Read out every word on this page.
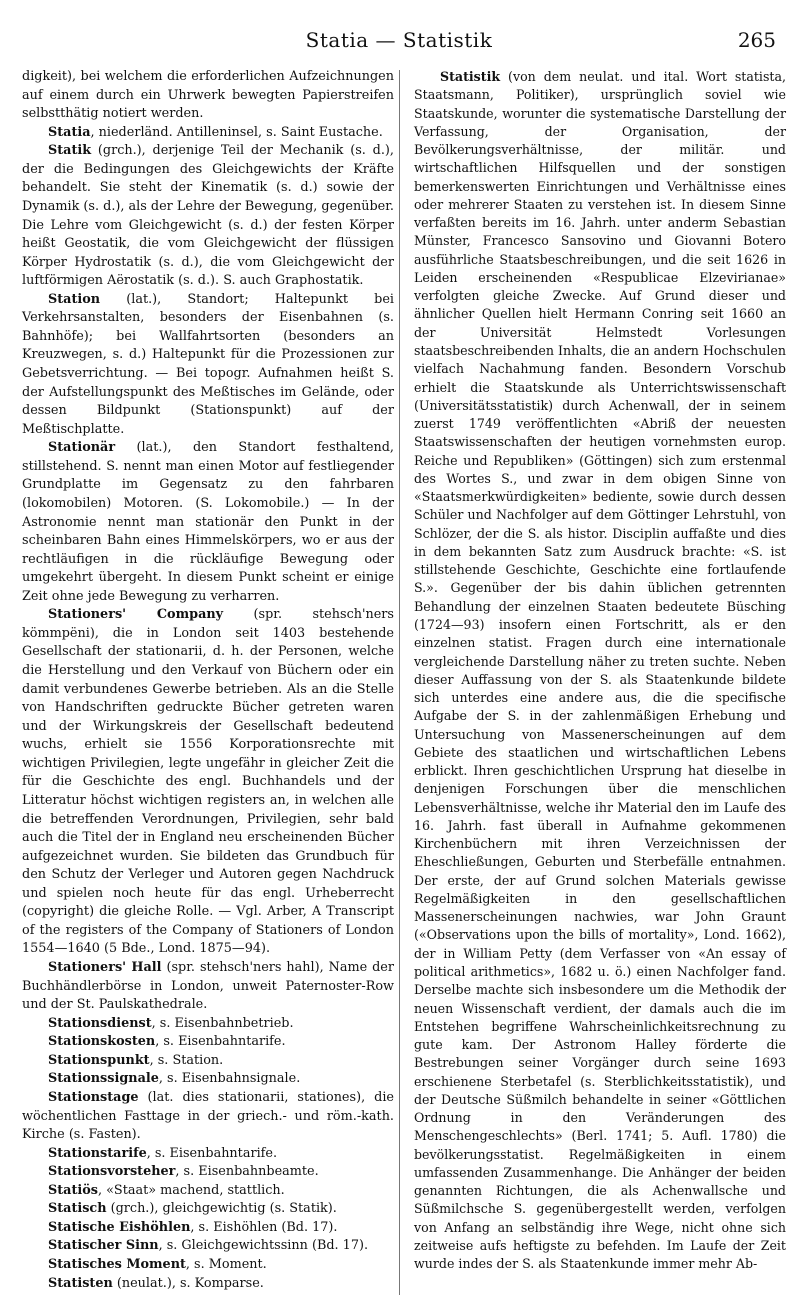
Statia — Statistik	265

digkeit), bei welchem die erforderlichen Aufzeichnungen auf einem durch ein Uhrwerk bewegten Papierstreifen selbstthätig notiert werden.

Statia, niederländ. Antilleninsel, s. Saint Eustache.

Statik (grch.), derjenige Teil der Mechanik (s. d.), der die Bedingungen des Gleichgewichts der Kräfte behandelt. Sie steht der Kinematik (s. d.) sowie der Dynamik (s. d.), als der Lehre der Bewegung, gegenüber. Die Lehre vom Gleichgewicht (s. d.) der festen Körper heißt Geostatik, die vom Gleichgewicht der flüssigen Körper Hydrostatik (s. d.), die vom Gleichgewicht der luftförmigen Aërostatik (s. d.). S. auch Graphostatik.

Station (lat.), Standort; Haltepunkt bei Verkehrsanstalten, besonders der Eisenbahnen (s. Bahnhöfe); bei Wallfahrtsorten (besonders an Kreuzwegen, s. d.) Haltepunkt für die Prozessionen zur Gebetsverrichtung. — Bei topogr. Aufnahmen heißt S. der Aufstellungspunkt des Meßtisches im Gelände, oder dessen Bildpunkt (Stationspunkt) auf der Meßtischplatte.

Stationär (lat.), den Standort festhaltend, stillstehend. S. nennt man einen Motor auf festliegender Grundplatte im Gegensatz zu den fahrbaren (lokomobilen) Motoren. (S. Lokomobile.) — In der Astronomie nennt man stationär den Punkt in der scheinbaren Bahn eines Himmelskörpers, wo er aus der rechtläufigen in die rückläufige Bewegung oder umgekehrt übergeht. In diesem Punkt scheint er einige Zeit ohne jede Bewegung zu verharren.

Stationers' Company (spr. stehsch'ners kömmpëni), die in London seit 1403 bestehende Gesellschaft der stationarii, d. h. der Personen, welche die Herstellung und den Verkauf von Büchern oder ein damit verbundenes Gewerbe betrieben. Als an die Stelle von Handschriften gedruckte Bücher getreten waren und der Wirkungskreis der Gesellschaft bedeutend wuchs, erhielt sie 1556 Korporationsrechte mit wichtigen Privilegien, legte ungefähr in gleicher Zeit die für die Geschichte des engl. Buchhandels und der Litteratur höchst wichtigen registers an, in welchen alle die betreffenden Verordnungen, Privilegien, sehr bald auch die Titel der in England neu erscheinenden Bücher aufgezeichnet wurden. Sie bildeten das Grundbuch für den Schutz der Verleger und Autoren gegen Nachdruck und spielen noch heute für das engl. Urheberrecht (copyright) die gleiche Rolle. — Vgl. Arber, A Transcript of the registers of the Company of Stationers of London 1554—1640 (5 Bde., Lond. 1875—94).

Stationers' Hall (spr. stehsch'ners hahl), Name der Buchhändlerbörse in London, unweit Paternoster-Row und der St. Paulskathedrale.

Stationsdienst, s. Eisenbahnbetrieb.

Stationskosten, s. Eisenbahntarife.

Stationspunkt, s. Station.

Stationssignale, s. Eisenbahnsignale.

Stationstage (lat. dies stationarii, stationes), die wöchentlichen Fasttage in der griech.- und röm.-kath. Kirche (s. Fasten).

Stationstarife, s. Eisenbahntarife.

Stationsvorsteher, s. Eisenbahnbeamte.

Statiös, «Staat» machend, stattlich.

Statisch (grch.), gleichgewichtig (s. Statik).

Statische Eishöhlen, s. Eishöhlen (Bd. 17).

Statischer Sinn, s. Gleichgewichtssinn (Bd. 17).

Statisches Moment, s. Moment.

Statisten (neulat.), s. Komparse.

Statistik (von dem neulat. und ital. Wort statista, Staatsmann, Politiker), ursprünglich soviel wie Staatskunde, worunter die systematische Darstellung der Verfassung, der Organisation, der Bevölkerungsverhältnisse, der militär. und wirtschaftlichen Hilfsquellen und der sonstigen bemerkenswerten Einrichtungen und Verhältnisse eines oder mehrerer Staaten zu verstehen ist. In diesem Sinne verfaßten bereits im 16. Jahrh. unter anderm Sebastian Münster, Francesco Sansovino und Giovanni Botero ausführliche Staatsbeschreibungen, und die seit 1626 in Leiden erscheinenden «Respublicae Elzevirianae» verfolgten gleiche Zwecke. Auf Grund dieser und ähnlicher Quellen hielt Hermann Conring seit 1660 an der Universität Helmstedt Vorlesungen staatsbeschreibenden Inhalts, die an andern Hochschulen vielfach Nachahmung fanden. Besondern Vorschub erhielt die Staatskunde als Unterrichtswissenschaft (Universitätsstatistik) durch Achenwall, der in seinem zuerst 1749 veröffentlichten «Abriß der neuesten Staatswissenschaften der heutigen vornehmsten europ. Reiche und Republiken» (Göttingen) sich zum erstenmal des Wortes S., und zwar in dem obigen Sinne von «Staatsmerkwürdigkeiten» bediente, sowie durch dessen Schüler und Nachfolger auf dem Göttinger Lehrstuhl, von Schlözer, der die S. als histor. Disciplin auffaßte und dies in dem bekannten Satz zum Ausdruck brachte: «S. ist stillstehende Geschichte, Geschichte eine fortlaufende S.». Gegenüber der bis dahin üblichen getrennten Behandlung der einzelnen Staaten bedeutete Büsching (1724—93) insofern einen Fortschritt, als er den einzelnen statist. Fragen durch eine internationale vergleichende Darstellung näher zu treten suchte. Neben dieser Auffassung von der S. als Staatenkunde bildete sich unterdes eine andere aus, die die specifische Aufgabe der S. in der zahlenmäßigen Erhebung und Untersuchung von Massenerscheinungen auf dem Gebiete des staatlichen und wirtschaftlichen Lebens erblickt. Ihren geschichtlichen Ursprung hat dieselbe in denjenigen Forschungen über die menschlichen Lebensverhältnisse, welche ihr Material den im Laufe des 16. Jahrh. fast überall in Aufnahme gekommenen Kirchenbüchern mit ihren Verzeichnissen der Eheschließungen, Geburten und Sterbefälle entnahmen. Der erste, der auf Grund solchen Materials gewisse Regelmäßigkeiten in den gesellschaftlichen Massenerscheinungen nachwies, war John Graunt («Observations upon the bills of mortality», Lond. 1662), der in William Petty (dem Verfasser von «An essay of political arithmetics», 1682 u. ö.) einen Nachfolger fand. Derselbe machte sich insbesondere um die Methodik der neuen Wissenschaft verdient, der damals auch die im Entstehen begriffene Wahrscheinlichkeitsrechnung zu gute kam. Der Astronom Halley förderte die Bestrebungen seiner Vorgänger durch seine 1693 erschienene Sterbetafel (s. Sterblichkeitsstatistik), und der Deutsche Süßmilch behandelte in seiner «Göttlichen Ordnung in den Veränderungen des Menschengeschlechts» (Berl. 1741; 5. Aufl. 1780) die bevölkerungsstatist. Regelmäßigkeiten in einem umfassenden Zusammenhange. Die Anhänger der beiden genannten Richtungen, die als Achenwallsche und Süßmilchsche S. gegenübergestellt werden, verfolgen von Anfang an selbständig ihre Wege, nicht ohne sich zeitweise aufs heftigste zu befehden. Im Laufe der Zeit wurde indes der S. als Staatenkunde immer mehr Ab-
